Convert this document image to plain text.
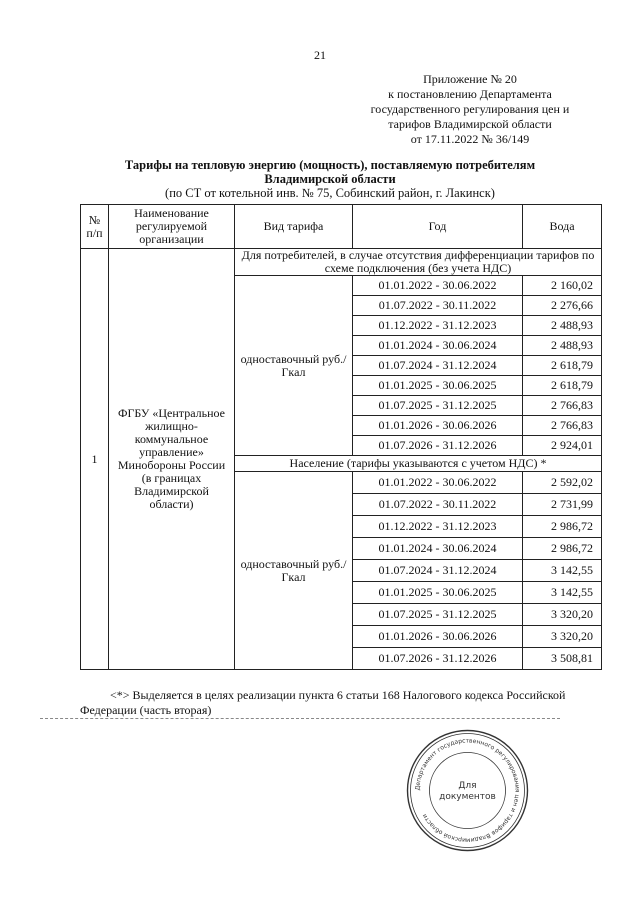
21
Приложение № 20
к постановлению Департамента
государственного регулирования цен и
тарифов Владимирской области
от 17.11.2022 № 36/149
Тарифы на тепловую энергию (мощность), поставляемую потребителям
Владимирской области
(по СТ от котельной инв. № 75, Собинский район, г. Лакинск)
№ п/п	Наименование регулируемой организации	Вид тарифа	Год	Вода
1	ФГБУ «Центральное жилищно-коммунальное управление» Минобороны России (в границах Владимирской области)	Для потребителей, в случае отсутствия дифференциации тарифов по схеме подключения (без учета НДС)		
		одноставочный руб./Гкал	01.01.2022 - 30.06.2022	2 160,02
			01.07.2022 - 30.11.2022	2 276,66
			01.12.2022 - 31.12.2023	2 488,93
			01.01.2024 - 30.06.2024	2 488,93
			01.07.2024 - 31.12.2024	2 618,79
			01.01.2025 - 30.06.2025	2 618,79
			01.07.2025 - 31.12.2025	2 766,83
			01.01.2026 - 30.06.2026	2 766,83
			01.07.2026 - 31.12.2026	2 924,01
		Население (тарифы указываются с учетом НДС) *		
		одноставочный руб./Гкал	01.01.2022 - 30.06.2022	2 592,02
			01.07.2022 - 30.11.2022	2 731,99
			01.12.2022 - 31.12.2023	2 986,72
			01.01.2024 - 30.06.2024	2 986,72
			01.07.2024 - 31.12.2024	3 142,55
			01.01.2025 - 30.06.2025	3 142,55
			01.07.2025 - 31.12.2025	3 320,20
			01.01.2026 - 30.06.2026	3 320,20
			01.07.2026 - 31.12.2026	3 508,81
<*> Выделяется в целях реализации пункта 6 статьи 168 Налогового кодекса Российской Федерации (часть вторая)
Департамент государственного регулирования цен и тарифов Владимирской области
Для документов
